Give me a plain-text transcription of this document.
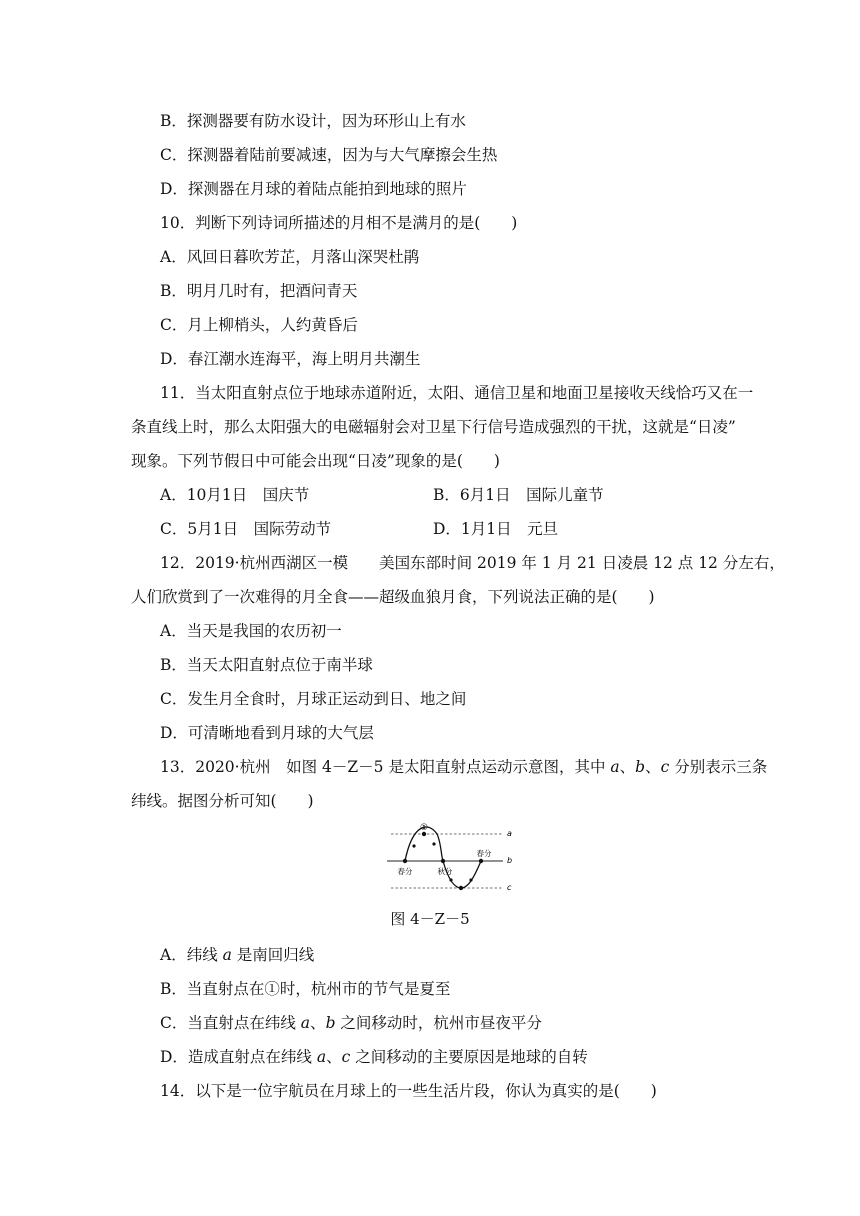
B．探测器要有防水设计，因为环形山上有水
C．探测器着陆前要减速，因为与大气摩擦会生热
D．探测器在月球的着陆点能拍到地球的照片
10．判断下列诗词所描述的月相不是满月的是(　　)
A．风回日暮吹芳芷，月落山深哭杜鹃
B．明月几时有，把酒问青天
C．月上柳梢头，人约黄昏后
D．春江潮水连海平，海上明月共潮生
11．当太阳直射点位于地球赤道附近，太阳、通信卫星和地面卫星接收天线恰巧又在一
条直线上时，那么太阳强大的电磁辐射会对卫星下行信号造成强烈的干扰，这就是“日凌”
现象。下列节假日中可能会出现“日凌”现象的是(　　)
A．10月1日　国庆节	B．6月1日　国际儿童节
C．5月1日　国际劳动节	D．1月1日　元旦
12．2019·杭州西湖区一模　　美国东部时间 2019 年 1 月 21 日凌晨 12 点 12 分左右，
人们欣赏到了一次难得的月全食——超级血狼月食，下列说法正确的是(　　)
A．当天是我国的农历初一
B．当天太阳直射点位于南半球
C．发生月全食时，月球正运动到日、地之间
D．可清晰地看到月球的大气层
13．2020·杭州　如图 4－Z－5 是太阳直射点运动示意图，其中 a、b、c 分别表示三条
纬线。据图分析可知(　　)
①
a
b
c
春分	秋分
春分
图 4－Z－5
A．纬线 a 是南回归线
B．当直射点在①时，杭州市的节气是夏至
C．当直射点在纬线 a、b 之间移动时，杭州市昼夜平分
D．造成直射点在纬线 a、c 之间移动的主要原因是地球的自转
14．以下是一位宇航员在月球上的一些生活片段，你认为真实的是(　　)
